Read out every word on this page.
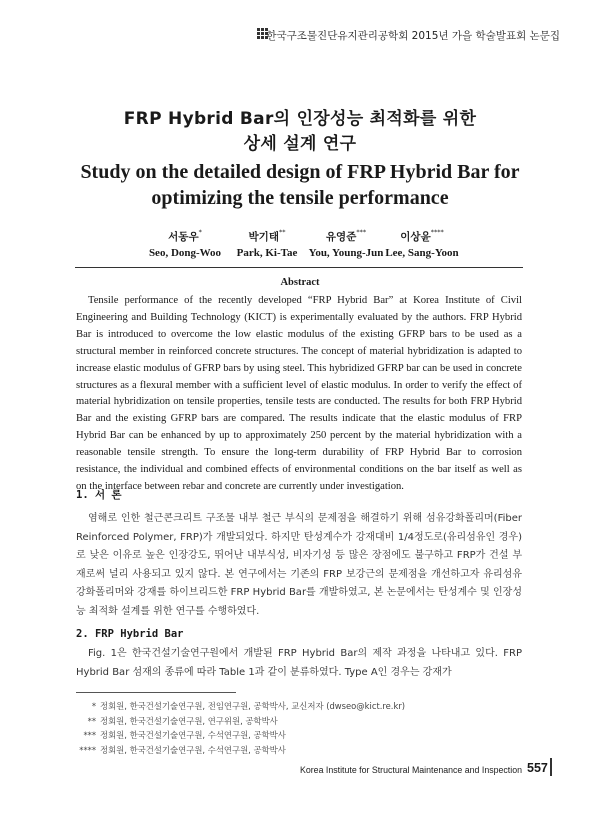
한국구조물진단유지관리공학회 2015년 가을 학술발표회 논문집
FRP Hybrid Bar의 인장성능 최적화를 위한
상세 설계 연구
Study on the detailed design of FRP Hybrid Bar for
optimizing the tensile performance
서동우*
Seo, Dong-Woo
박기태**
Park, Ki-Tae
유영준***
You, Young-Jun
이상윤****
Lee, Sang-Yoon
Abstract
Tensile performance of the recently developed “FRP Hybrid Bar” at Korea Institute of Civil Engineering and Building Technology (KICT) is experimentally evaluated by the authors. FRP Hybrid Bar is introduced to overcome the low elastic modulus of the existing GFRP bars to be used as a structural member in reinforced concrete structures. The concept of material hybridization is adapted to increase elastic modulus of GFRP bars by using steel. This hybridized GFRP bar can be used in concrete structures as a flexural member with a sufficient level of elastic modulus. In order to verify the effect of material hybridization on tensile properties, tensile tests are conducted. The results for both FRP Hybrid Bar and the existing GFRP bars are compared. The results indicate that the elastic modulus of FRP Hybrid Bar can be enhanced by up to approximately 250 percent by the material hybridization with a reasonable tensile strength. To ensure the long-term durability of FRP Hybrid Bar to corrosion resistance, the individual and combined effects of environmental conditions on the bar itself as well as on the interface between rebar and concrete are currently under investigation.
1. 서 론
염해로 인한 철근콘크리트 구조물 내부 철근 부식의 문제점을 해결하기 위해 섬유강화폴리머(Fiber Reinforced Polymer, FRP)가 개발되었다. 하지만 탄성계수가 강재대비 1/4정도로(유리섬유인 경우)로 낮은 이유로 높은 인장강도, 뛰어난 내부식성, 비자기성 등 많은 장점에도 불구하고 FRP가 건설 부재로써 널리 사용되고 있지 않다. 본 연구에서는 기존의 FRP 보강근의 문제점을 개선하고자 유리섬유 강화폴리머와 강재를 하이브리드한 FRP Hybrid Bar를 개발하였고, 본 논문에서는 탄성계수 및 인장성능 최적화 설계를 위한 연구를 수행하였다.
2. FRP Hybrid Bar
Fig. 1은 한국건설기술연구원에서 개발된 FRP Hybrid Bar의 제작 과정을 나타내고 있다. FRP Hybrid Bar 섬재의 종류에 따라 Table 1과 같이 분류하였다. Type A인 경우는 강재가
* 정회원, 한국건설기술연구원, 전임연구원, 공학박사, 교신저자 (dwseo@kict.re.kr)
** 정회원, 한국건설기술연구원, 연구위원, 공학박사
*** 정회원, 한국건설기술연구원, 수석연구원, 공학박사
**** 정회원, 한국건설기술연구원, 수석연구원, 공학박사
Korea Institute for Structural Maintenance and Inspection 557
